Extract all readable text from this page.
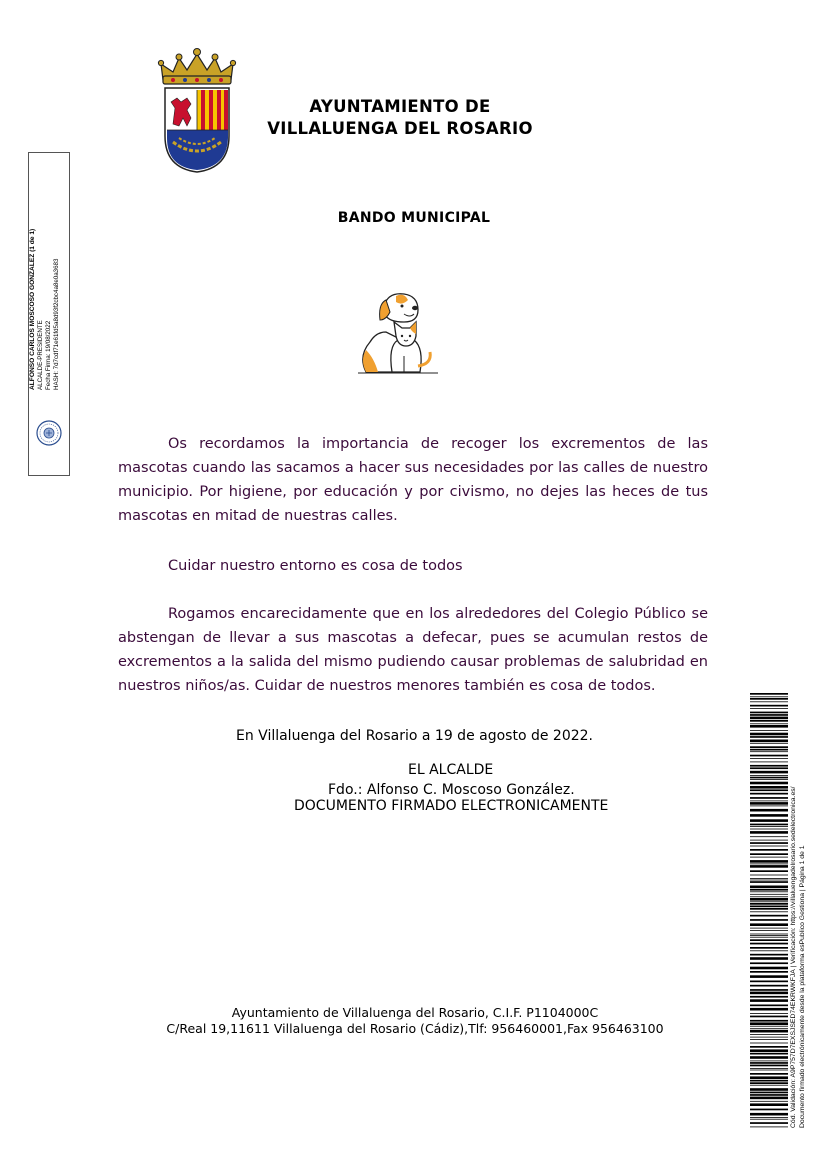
AYUNTAMIENTO DE
VILLALUENGA DEL ROSARIO
BANDO MUNICIPAL
Os recordamos la importancia de recoger los excrementos de las mascotas cuando las sacamos a hacer sus necesidades por las calles de nuestro municipio. Por higiene, por educación y por civismo, no dejes las heces de tus mascotas en mitad de nuestras calles.
Cuidar nuestro entorno es cosa de todos
Rogamos encarecidamente que en los alrededores del Colegio Público se abstengan de llevar a sus mascotas a defecar, pues se acumulan restos de excrementos a la salida del mismo pudiendo causar problemas de salubridad en nuestros niños/as. Cuidar de nuestros menores también es cosa de todos.
En Villaluenga del Rosario a 19 de agosto de 2022.
EL ALCALDE
Fdo.: Alfonso C. Moscoso González.
DOCUMENTO FIRMADO ELECTRONICAMENTE
Ayuntamiento de Villaluenga del Rosario, C.I.F. P1104000C
C/Real 19,11611 Villaluenga del Rosario (Cádiz),Tlf: 956460001,Fax 956463100
ALFONSO CARLOS MOSCOSO GONZALEZ (1 de 1) ALCALDE-PRESIDENTE Fecha Firma: 19/08/2022 HASH: 7d7cdf71e61fd5a8d93f2cbc4a8e0a3683
Cód. Validación: A9P757D7EXSJSED74EKRWKFJA | Verificación: https://villaluengadelrosario.sedelectronica.es/ Documento firmado electrónicamente desde la plataforma esPublico Gestiona | Página 1 de 1
